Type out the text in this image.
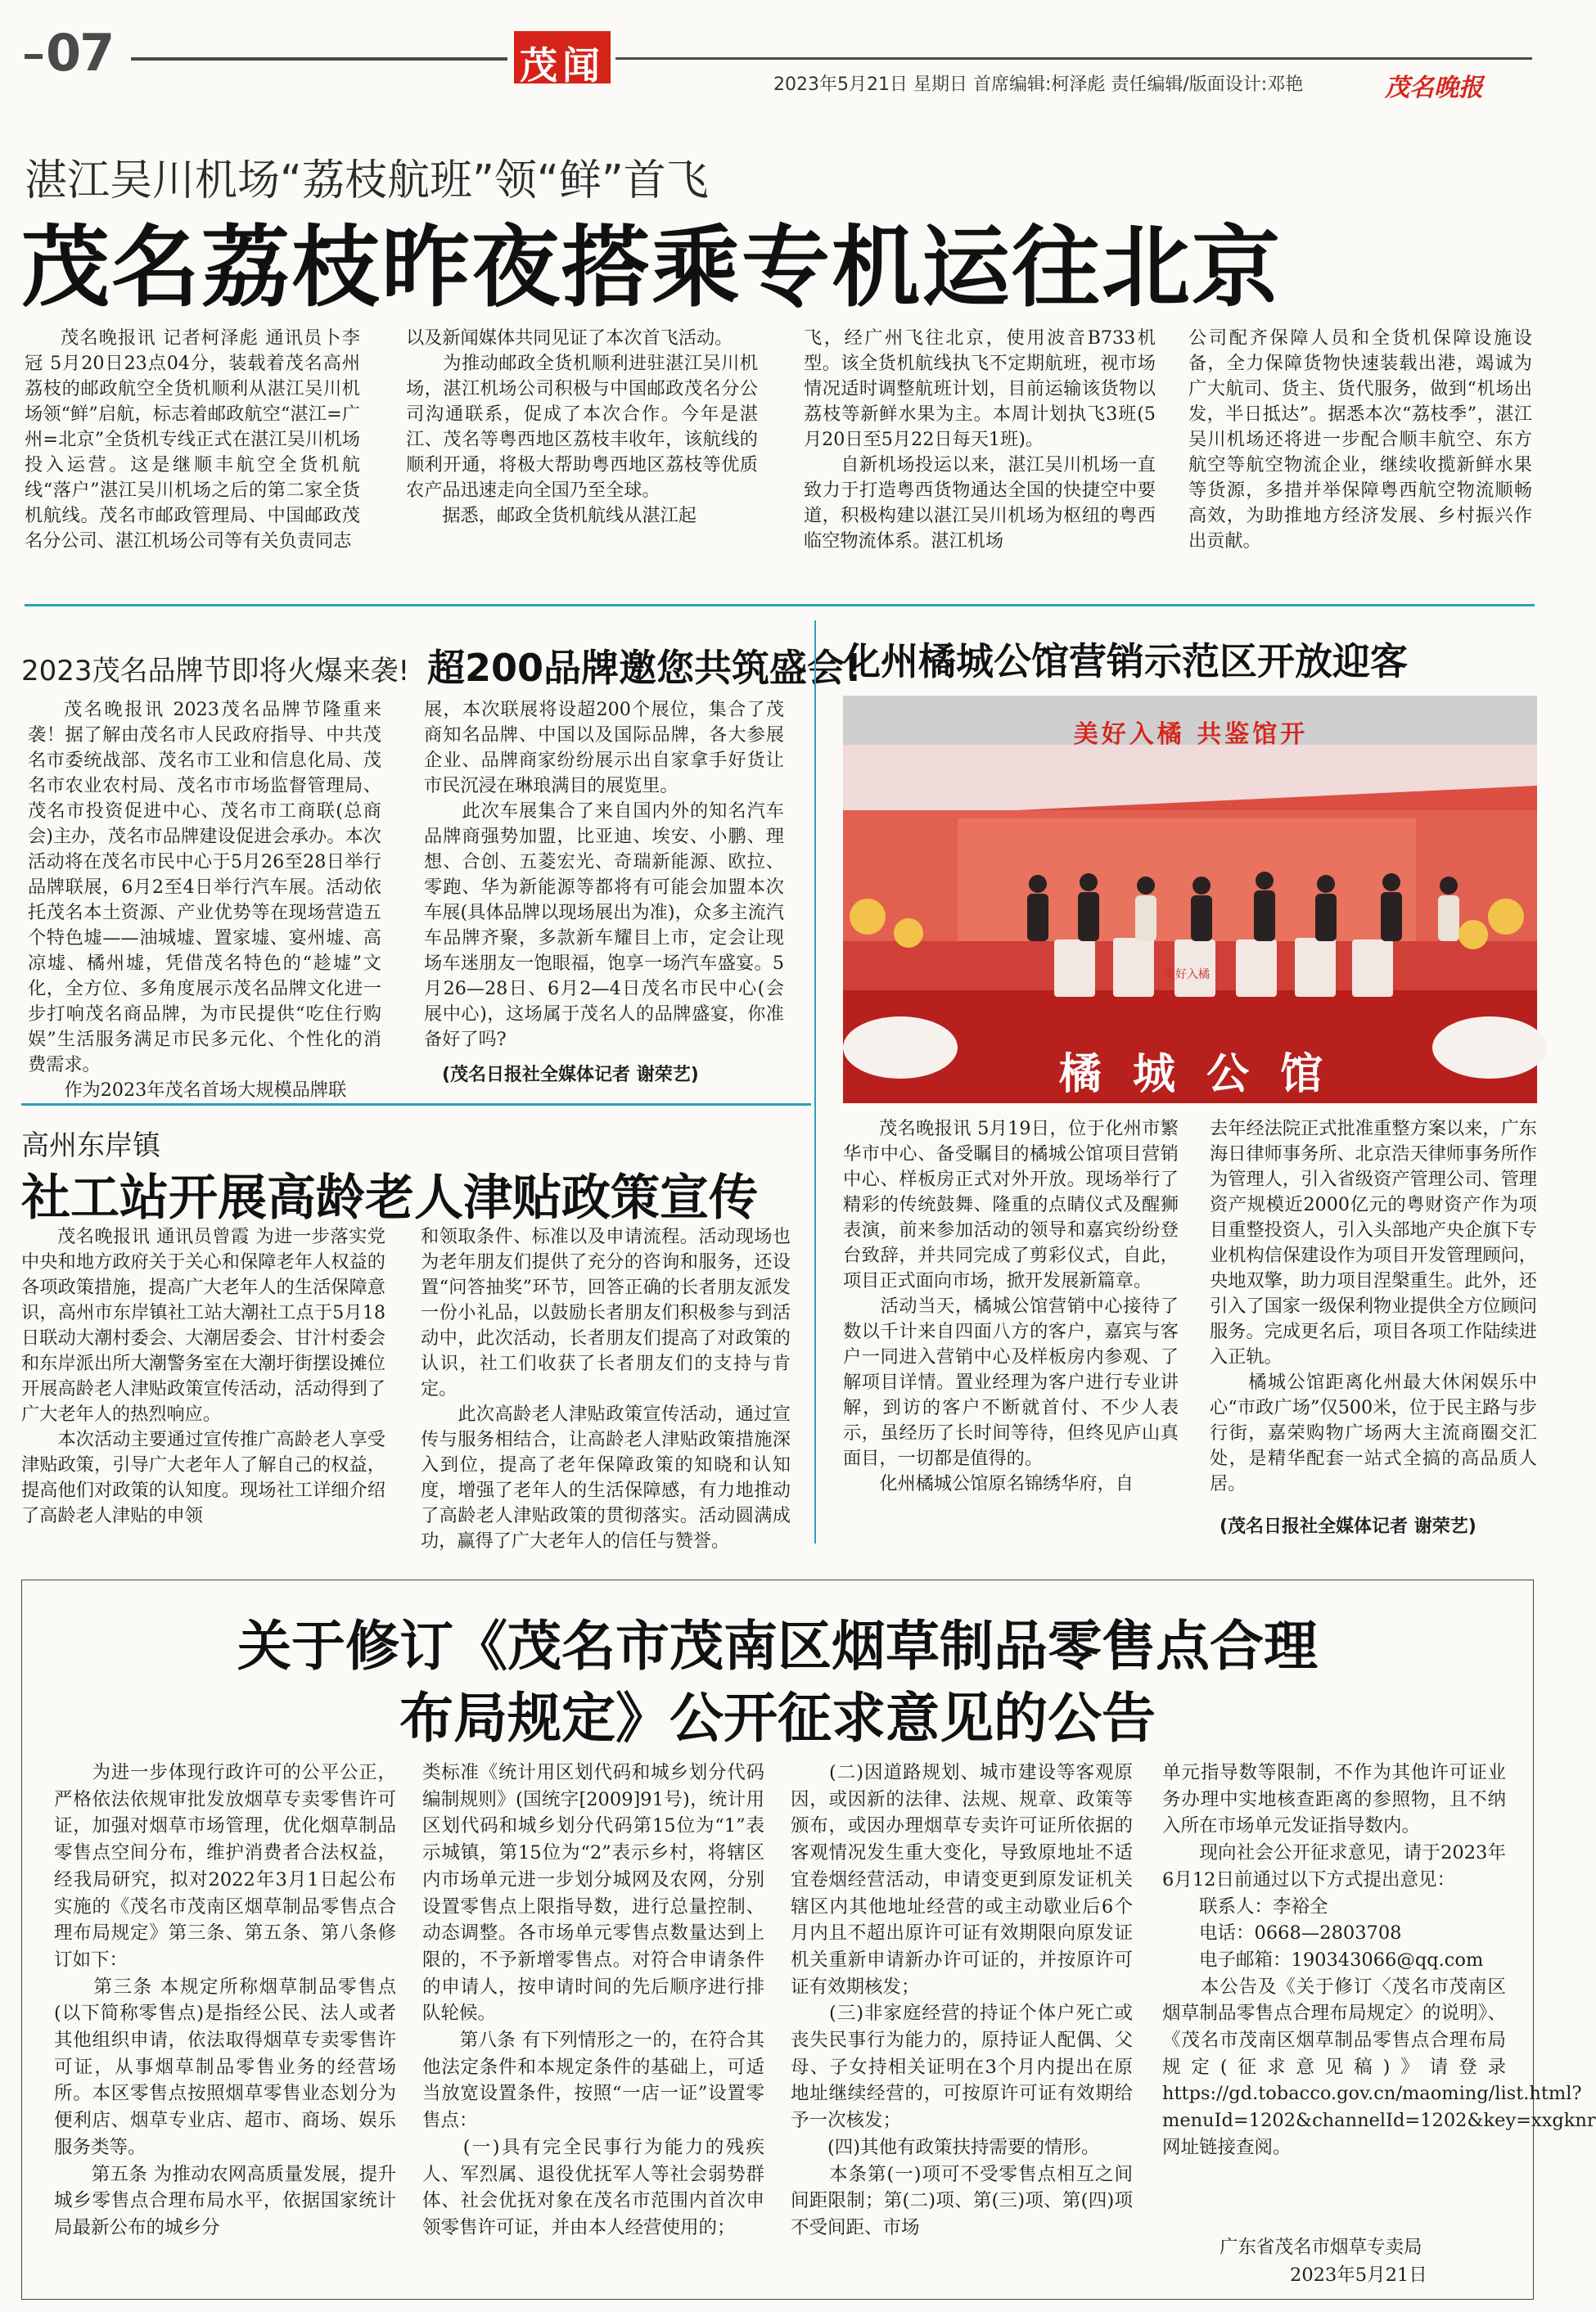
07	茂闻	2023年5月21日 星期日 首席编辑:柯泽彪 责任编辑/版面设计:邓艳	茂名晚报
湛江吴川机场“荔枝航班”领“鲜”首飞
茂名荔枝昨夜搭乘专机运往北京
茂名晚报讯 记者柯泽彪 通讯员卜李冠 5月20日23点04分，装载着茂名高州荔枝的邮政航空全货机顺利从湛江吴川机场领“鲜”启航，标志着邮政航空“湛江=广州=北京”全货机专线正式在湛江吴川机场投入运营。这是继顺丰航空全货机航线“落户”湛江吴川机场之后的第二家全货机航线。茂名市邮政管理局、中国邮政茂名分公司、湛江机场公司等有关负责同志
以及新闻媒体共同见证了本次首飞活动。
　　为推动邮政全货机顺利进驻湛江吴川机场，湛江机场公司积极与中国邮政茂名分公司沟通联系，促成了本次合作。今年是湛江、茂名等粤西地区荔枝丰收年，该航线的顺利开通，将极大帮助粤西地区荔枝等优质农产品迅速走向全国乃至全球。
　　据悉，邮政全货机航线从湛江起
飞，经广州飞往北京，使用波音B733机型。该全货机航线执飞不定期航班，视市场情况适时调整航班计划，目前运输该货物以荔枝等新鲜水果为主。本周计划执飞3班(5月20日至5月22日每天1班)。
　　自新机场投运以来，湛江吴川机场一直致力于打造粤西货物通达全国的快捷空中要道，积极构建以湛江吴川机场为枢纽的粤西临空物流体系。湛江机场
公司配齐保障人员和全货机保障设施设备，全力保障货物快速装载出港，竭诚为广大航司、货主、货代服务，做到“机场出发，半日抵达”。据悉本次“荔枝季”，湛江吴川机场还将进一步配合顺丰航空、东方航空等航空物流企业，继续收揽新鲜水果等货源，多措并举保障粤西航空物流顺畅高效，为助推地方经济发展、乡村振兴作出贡献。
2023茂名品牌节即将火爆来袭! 超200品牌邀您共筑盛会!
茂名晚报讯 2023茂名品牌节隆重来袭！据了解由茂名市人民政府指导、中共茂名市委统战部、茂名市工业和信息化局、茂名市农业农村局、茂名市市场监督管理局、茂名市投资促进中心、茂名市工商联(总商会)主办，茂名市品牌建设促进会承办。本次活动将在茂名市民中心于5月26至28日举行品牌联展，6月2至4日举行汽车展。活动依托茂名本土资源、产业优势等在现场营造五个特色墟——油城墟、置家墟、宴州墟、高凉墟、橘州墟，凭借茂名特色的“趁墟”文化，全方位、多角度展示茂名品牌文化进一步打响茂名商品牌，为市民提供“吃住行购娱”生活服务满足市民多元化、个性化的消费需求。
　　作为2023年茂名首场大规模品牌联
展，本次联展将设超200个展位，集合了茂商知名品牌、中国以及国际品牌，各大参展企业、品牌商家纷纷展示出自家拿手好货让市民沉浸在琳琅满目的展览里。
　　此次车展集合了来自国内外的知名汽车品牌商强势加盟，比亚迪、埃安、小鹏、理想、合创、五菱宏光、奇瑞新能源、欧拉、零跑、华为新能源等都将有可能会加盟本次车展(具体品牌以现场展出为准)，众多主流汽车品牌齐聚，多款新车耀目上市，定会让现场车迷朋友一饱眼福，饱享一场汽车盛宴。5月26—28日、6月2—4日茂名市民中心(会展中心)，这场属于茂名人的品牌盛宴，你准备好了吗?
(茂名日报社全媒体记者 谢荣艺)
高州东岸镇
社工站开展高龄老人津贴政策宣传
茂名晚报讯 通讯员曾霞 为进一步落实党中央和地方政府关于关心和保障老年人权益的各项政策措施，提高广大老年人的生活保障意识，高州市东岸镇社工站大潮社工点于5月18日联动大潮村委会、大潮居委会、甘汁村委会和东岸派出所大潮警务室在大潮圩街摆设摊位开展高龄老人津贴政策宣传活动，活动得到了广大老年人的热烈响应。
　　本次活动主要通过宣传推广高龄老人享受津贴政策，引导广大老年人了解自己的权益，提高他们对政策的认知度。现场社工详细介绍了高龄老人津贴的申领
和领取条件、标准以及申请流程。活动现场也为老年朋友们提供了充分的咨询和服务，还设置“问答抽奖”环节，回答正确的长者朋友派发一份小礼品，以鼓励长者朋友们积极参与到活动中，此次活动，长者朋友们提高了对政策的认识，社工们收获了长者朋友们的支持与肯定。
　　此次高龄老人津贴政策宣传活动，通过宣传与服务相结合，让高龄老人津贴政策措施深入到位，提高了老年保障政策的知晓和认知度，增强了老年人的生活保障感，有力地推动了高龄老人津贴政策的贯彻落实。活动圆满成功，赢得了广大老年人的信任与赞誉。
化州橘城公馆营销示范区开放迎客
美好入橘 共鉴馆开
橘 城 公 馆
美好入橘
茂名晚报讯 5月19日，位于化州市繁华市中心、备受瞩目的橘城公馆项目营销中心、样板房正式对外开放。现场举行了精彩的传统鼓舞、隆重的点睛仪式及醒狮表演，前来参加活动的领导和嘉宾纷纷登台致辞，并共同完成了剪彩仪式，自此，项目正式面向市场，掀开发展新篇章。
　　活动当天，橘城公馆营销中心接待了数以千计来自四面八方的客户，嘉宾与客户一同进入营销中心及样板房内参观、了解项目详情。置业经理为客户进行专业讲解，到访的客户不断就首付、不少人表示，虽经历了长时间等待，但终见庐山真面目，一切都是值得的。
　　化州橘城公馆原名锦绣华府，自
去年经法院正式批准重整方案以来，广东海日律师事务所、北京浩天律师事务所作为管理人，引入省级资产管理公司、管理资产规模近2000亿元的粤财资产作为项目重整投资人，引入头部地产央企旗下专业机构信保建设作为项目开发管理顾问，央地双擎，助力项目涅槃重生。此外，还引入了国家一级保利物业提供全方位顾问服务。完成更名后，项目各项工作陆续进入正轨。
　　橘城公馆距离化州最大休闲娱乐中心“市政广场”仅500米，位于民主路与步行街，嘉荣购物广场两大主流商圈交汇处，是精华配套一站式全搞的高品质人居。
(茂名日报社全媒体记者 谢荣艺)
关于修订《茂名市茂南区烟草制品零售点合理
布局规定》公开征求意见的公告
　　为进一步体现行政许可的公平公正，严格依法依规审批发放烟草专卖零售许可证，加强对烟草市场管理，优化烟草制品零售点空间分布，维护消费者合法权益，经我局研究，拟对2022年3月1日起公布实施的《茂名市茂南区烟草制品零售点合理布局规定》第三条、第五条、第八条修订如下：
　　第三条 本规定所称烟草制品零售点(以下简称零售点)是指经公民、法人或者其他组织申请，依法取得烟草专卖零售许可证，从事烟草制品零售业务的经营场所。本区零售点按照烟草零售业态划分为便利店、烟草专业店、超市、商场、娱乐服务类等。
　　第五条 为推动农网高质量发展，提升城乡零售点合理布局水平，依据国家统计局最新公布的城乡分
类标准《统计用区划代码和城乡划分代码编制规则》(国统字[2009]91号)，统计用区划代码和城乡划分代码第15位为“1”表示城镇，第15位为“2”表示乡村，将辖区内市场单元进一步划分城网及农网，分别设置零售点上限指导数，进行总量控制、动态调整。各市场单元零售点数量达到上限的，不予新增零售点。对符合申请条件的申请人，按申请时间的先后顺序进行排队轮候。
　　第八条 有下列情形之一的，在符合其他法定条件和本规定条件的基础上，可适当放宽设置条件，按照“一店一证”设置零售点：
　　(一)具有完全民事行为能力的残疾人、军烈属、退役优抚军人等社会弱势群体、社会优抚对象在茂名市范围内首次申领零售许可证，并由本人经营使用的；
　　(二)因道路规划、城市建设等客观原因，或因新的法律、法规、规章、政策等颁布，或因办理烟草专卖许可证所依据的客观情况发生重大变化，导致原地址不适宜卷烟经营活动，申请变更到原发证机关辖区内其他地址经营的或主动歇业后6个月内且不超出原许可证有效期限向原发证机关重新申请新办许可证的，并按原许可证有效期核发；
　　(三)非家庭经营的持证个体户死亡或丧失民事行为能力的，原持证人配偶、父母、子女持相关证明在3个月内提出在原地址继续经营的，可按原许可证有效期给予一次核发；
　　(四)其他有政策扶持需要的情形。
　　本条第(一)项可不受零售点相互之间间距限制；第(二)项、第(三)项、第(四)项不受间距、市场
单元指导数等限制，不作为其他许可证业务办理中实地核查距离的参照物，且不纳入所在市场单元发证指导数内。
　　现向社会公开征求意见，请于2023年6月12日前通过以下方式提出意见：
　　联系人：李裕全
　　电话：0668—2803708
　　电子邮箱：190343066@qq.com
　　本公告及《关于修订〈茂名市茂南区烟草制品零售点合理布局规定〉的说明》、《茂名市茂南区烟草制品零售点合理布局规定(征求意见稿)》请登录https://gd.tobacco.gov.cn/maoming/list.html?menuId=1202&channelId=1202&key=xxgknr网址链接查阅。
广东省茂名市烟草专卖局
2023年5月21日
